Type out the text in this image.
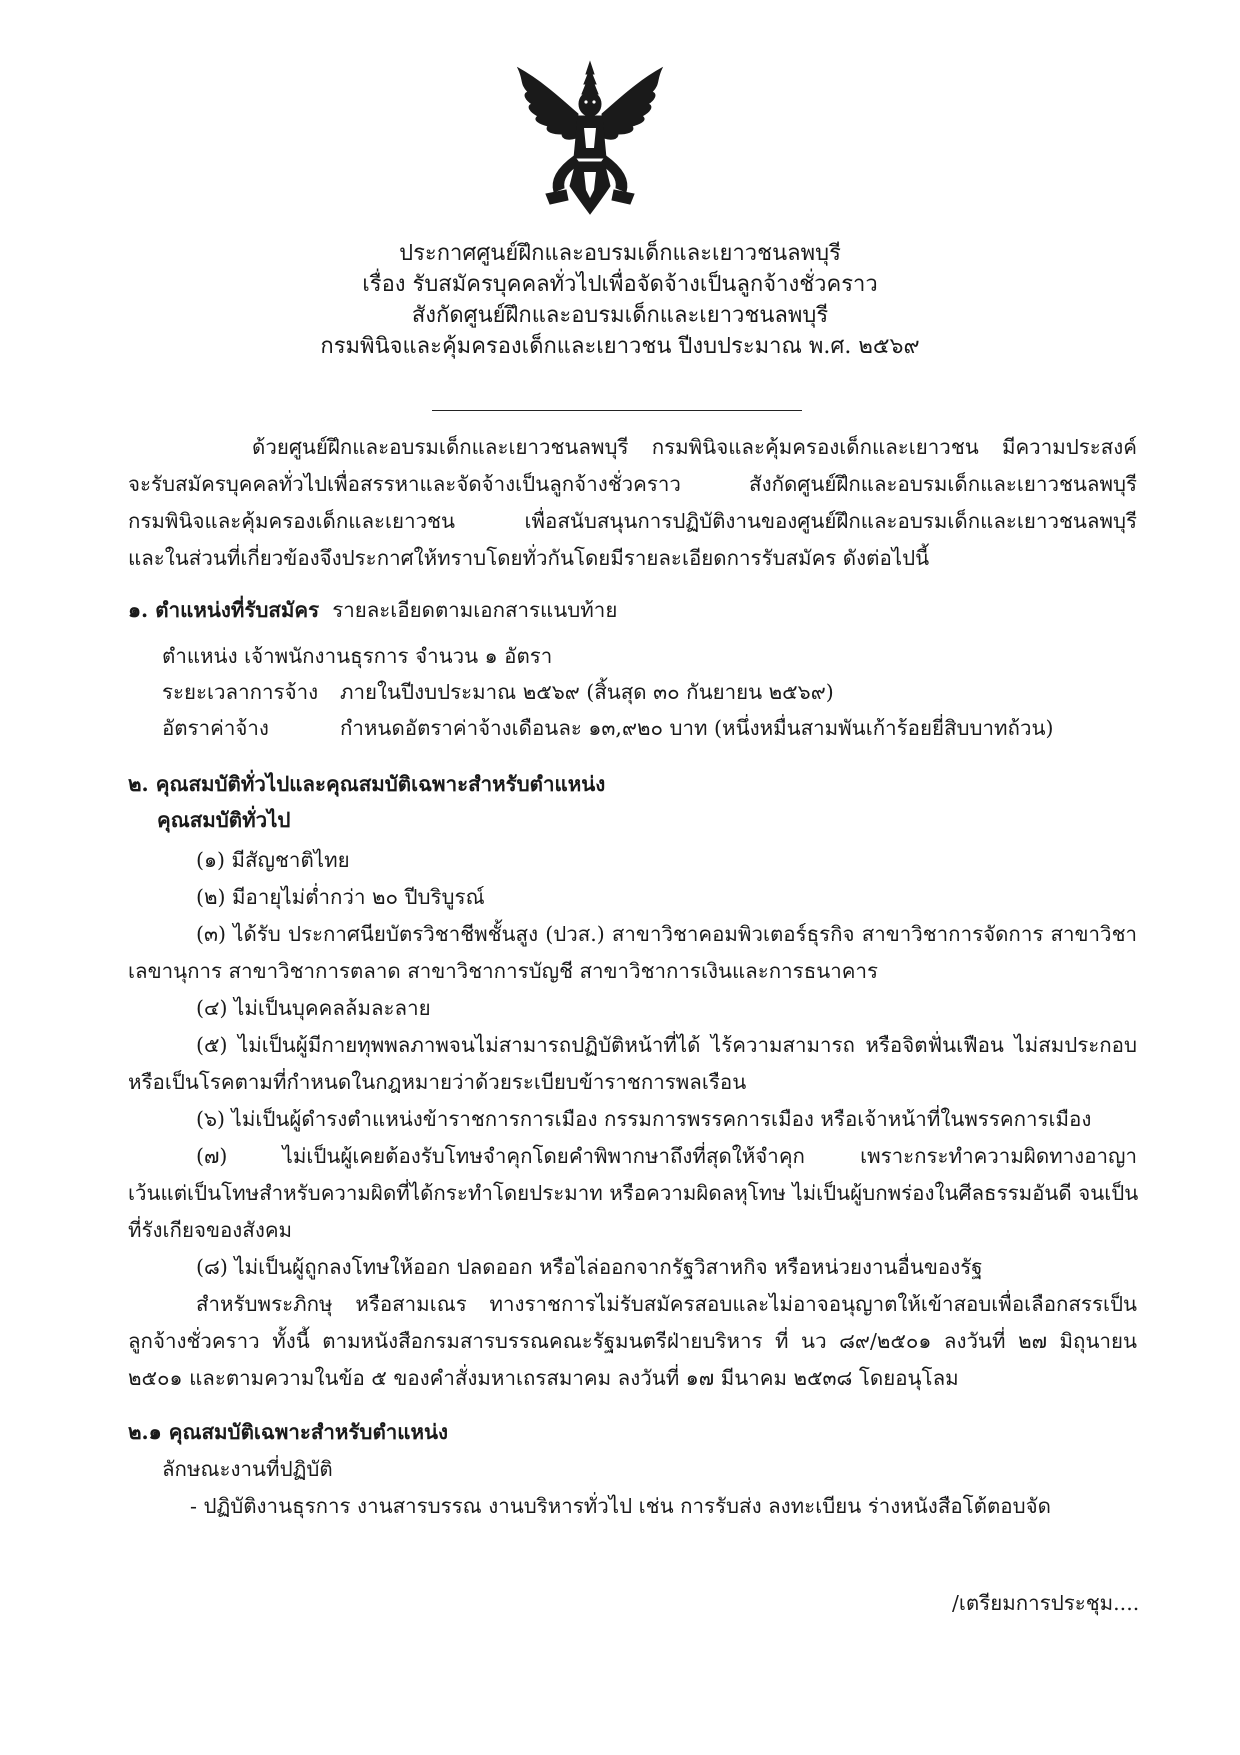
ประกาศศูนย์ฝึกและอบรมเด็กและเยาวชนลพบุรี
เรื่อง รับสมัครบุคคลทั่วไปเพื่อจัดจ้างเป็นลูกจ้างชั่วคราว
สังกัดศูนย์ฝึกและอบรมเด็กและเยาวชนลพบุรี
กรมพินิจและคุ้มครองเด็กและเยาวชน ปีงบประมาณ พ.ศ. ๒๕๖๙
ด้วยศูนย์ฝึกและอบรมเด็กและเยาวชนลพบุรี กรมพินิจและคุ้มครองเด็กและเยาวชน มีความประสงค์
จะรับสมัครบุคคลทั่วไปเพื่อสรรหาและจัดจ้างเป็นลูกจ้างชั่วคราว สังกัดศูนย์ฝึกและอบรมเด็กและเยาวชนลพบุรี
กรมพินิจและคุ้มครองเด็กและเยาวชน เพื่อสนับสนุนการปฏิบัติงานของศูนย์ฝึกและอบรมเด็กและเยาวชนลพบุรี
และในส่วนที่เกี่ยวข้องจึงประกาศให้ทราบโดยทั่วกันโดยมีรายละเอียดการรับสมัคร ดังต่อไปนี้
๑. ตำแหน่งที่รับสมัคร รายละเอียดตามเอกสารแนบท้าย
ตำแหน่ง เจ้าพนักงานธุรการ จำนวน ๑ อัตรา
ระยะเวลาการจ้าง ภายในปีงบประมาณ ๒๕๖๙ (สิ้นสุด ๓๐ กันยายน ๒๕๖๙)
อัตราค่าจ้าง	กำหนดอัตราค่าจ้างเดือนละ ๑๓,๙๒๐ บาท (หนึ่งหมื่นสามพันเก้าร้อยยี่สิบบาทถ้วน)
๒. คุณสมบัติทั่วไปและคุณสมบัติเฉพาะสำหรับตำแหน่ง
คุณสมบัติทั่วไป
(๑) มีสัญชาติไทย
(๒) มีอายุไม่ต่ำกว่า ๒๐ ปีบริบูรณ์
(๓) ได้รับ ประกาศนียบัตรวิชาชีพชั้นสูง (ปวส.) สาขาวิชาคอมพิวเตอร์ธุรกิจ สาขาวิชาการจัดการ สาขาวิชา
เลขานุการ สาขาวิชาการตลาด สาขาวิชาการบัญชี สาขาวิชาการเงินและการธนาคาร
(๔) ไม่เป็นบุคคลล้มละลาย
(๕) ไม่เป็นผู้มีกายทุพพลภาพจนไม่สามารถปฏิบัติหน้าที่ได้ ไร้ความสามารถ หรือจิตฟั่นเฟือน ไม่สมประกอบ
หรือเป็นโรคตามที่กำหนดในกฎหมายว่าด้วยระเบียบข้าราชการพลเรือน
(๖) ไม่เป็นผู้ดำรงตำแหน่งข้าราชการการเมือง กรรมการพรรคการเมือง หรือเจ้าหน้าที่ในพรรคการเมือง
(๗) ไม่เป็นผู้เคยต้องรับโทษจำคุกโดยคำพิพากษาถึงที่สุดให้จำคุก เพราะกระทำความผิดทางอาญา
เว้นแต่เป็นโทษสำหรับความผิดที่ได้กระทำโดยประมาท หรือความผิดลหุโทษ ไม่เป็นผู้บกพร่องในศีลธรรมอันดี จนเป็น
ที่รังเกียจของสังคม
(๘) ไม่เป็นผู้ถูกลงโทษให้ออก ปลดออก หรือไล่ออกจากรัฐวิสาหกิจ หรือหน่วยงานอื่นของรัฐ
สำหรับพระภิกษุ หรือสามเณร ทางราชการไม่รับสมัครสอบและไม่อาจอนุญาตให้เข้าสอบเพื่อเลือกสรรเป็น
ลูกจ้างชั่วคราว ทั้งนี้ ตามหนังสือกรมสารบรรณคณะรัฐมนตรีฝ่ายบริหาร ที่ นว ๘๙/๒๕๐๑ ลงวันที่ ๒๗ มิถุนายน
๒๕๐๑ และตามความในข้อ ๕ ของคำสั่งมหาเถรสมาคม ลงวันที่ ๑๗ มีนาคม ๒๕๓๘ โดยอนุโลม
๒.๑ คุณสมบัติเฉพาะสำหรับตำแหน่ง
ลักษณะงานที่ปฏิบัติ
- ปฏิบัติงานธุรการ งานสารบรรณ งานบริหารทั่วไป เช่น การรับส่ง ลงทะเบียน ร่างหนังสือโต้ตอบจัด
/เตรียมการประชุม....
